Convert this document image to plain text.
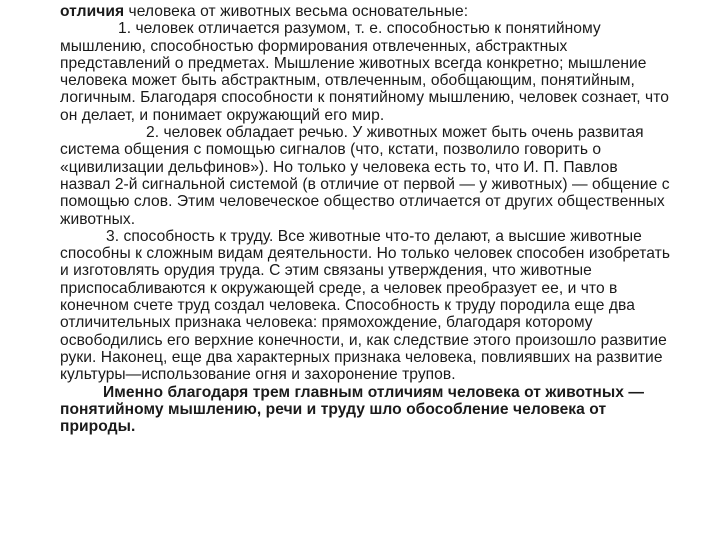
отличия человека от животных весьма основательные:

1. человек отличается разумом, т. е. способностью к понятийному мышлению, способностью формирования отвлеченных, абстрактных представлений о предметах. Мышление животных всегда конкретно; мышление человека может быть абстрактным, отвлеченным, обобщающим, понятийным, логичным. Благодаря способности к понятийному мышлению, человек сознает, что он делает, и понимает окружающий его мир.

2. человек обладает речью. У животных может быть очень развитая система общения с помощью сигналов (что, кстати, позволило говорить о «цивилизации дельфинов»). Но только у человека есть то, что И. П. Павлов назвал 2-й сигнальной системой (в отличие от первой — у животных) — общение с помощью слов. Этим человеческое общество отличается от других общественных животных.

3. способность к труду. Все животные что-то делают, а высшие животные способны к сложным видам деятельности. Но только человек способен изобретать и изготовлять орудия труда. С этим связаны утверждения, что животные приспосабливаются к окружающей среде, а человек преобразует ее, и что в конечном счете труд создал человека. Способность к труду породила еще два отличительных признака человека: прямохождение, благодаря которому освободились его верхние конечности, и, как следствие этого произошло развитие руки. Наконец, еще два характерных признака человека, повлиявших на развитие культуры—использование огня и захоронение трупов.

Именно благодаря трем главным отличиям человека от животных — понятийному мышлению, речи и труду шло обособление человека от природы.
